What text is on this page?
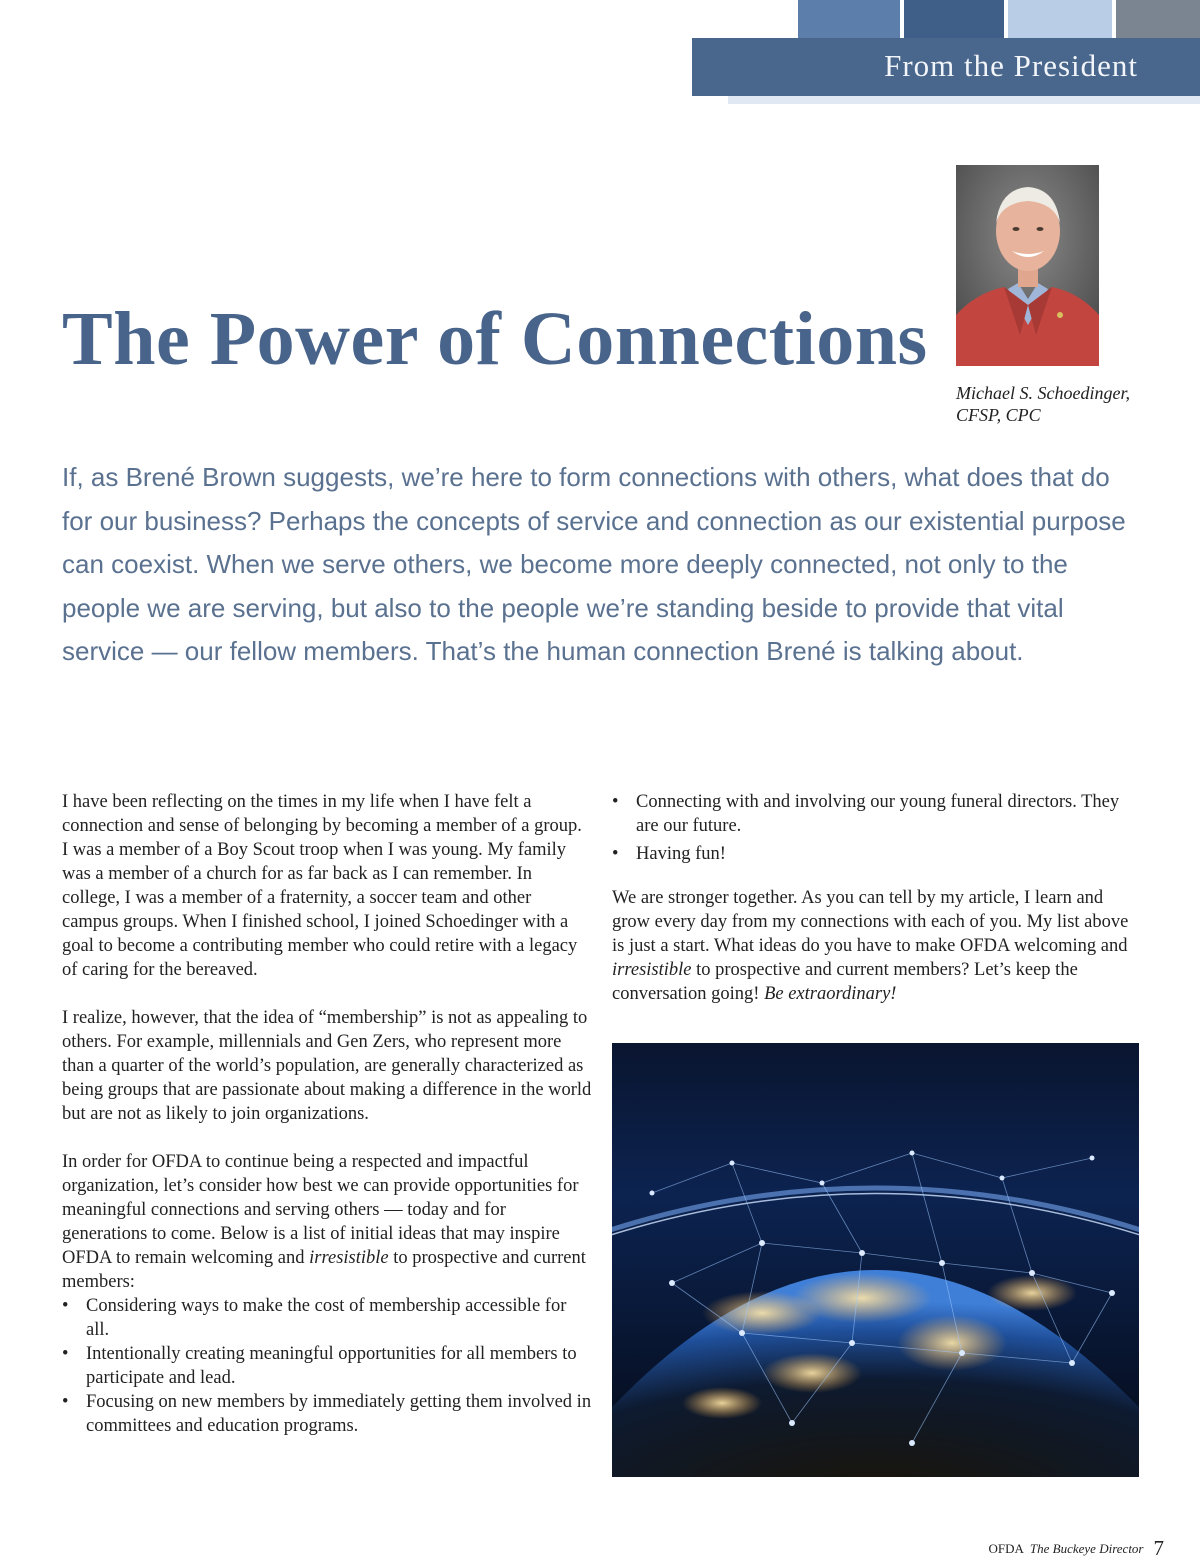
From the President
The Power of Connections
Michael S. Schoedinger,
CFSP, CPC

If, as Brené Brown suggests, we’re here to form connections with others, what does that do for our business? Perhaps the concepts of service and connection as our existential purpose can coexist. When we serve others, we become more deeply connected, not only to the people we are serving, but also to the people we’re standing beside to provide that vital service — our fellow members. That’s the human connection Brené is talking about.

I have been reflecting on the times in my life when I have felt a connection and sense of belonging by becoming a member of a group. I was a member of a Boy Scout troop when I was young. My family was a member of a church for as far back as I can remember. In college, I was a member of a fraternity, a soccer team and other campus groups. When I finished school, I joined Schoedinger with a goal to become a contributing member who could retire with a legacy of caring for the bereaved.

I realize, however, that the idea of “membership” is not as appealing to others. For example, millennials and Gen Zers, who represent more than a quarter of the world’s population, are generally characterized as being groups that are passionate about making a difference in the world but are not as likely to join organizations.

In order for OFDA to continue being a respected and impactful organization, let’s consider how best we can provide opportunities for meaningful connections and serving others — today and for generations to come. Below is a list of initial ideas that may inspire OFDA to remain welcoming and irresistible to prospective and current members:

• Considering ways to make the cost of membership accessible for all.
• Intentionally creating meaningful opportunities for all members to participate and lead.
• Focusing on new members by immediately getting them involved in committees and education programs.
• Connecting with and involving our young funeral directors. They are our future.
• Having fun!

We are stronger together. As you can tell by my article, I learn and grow every day from my connections with each of you. My list above is just a start. What ideas do you have to make OFDA welcoming and irresistible to prospective and current members? Let’s keep the conversation going! Be extraordinary!

OFDA The Buckeye Director 7
